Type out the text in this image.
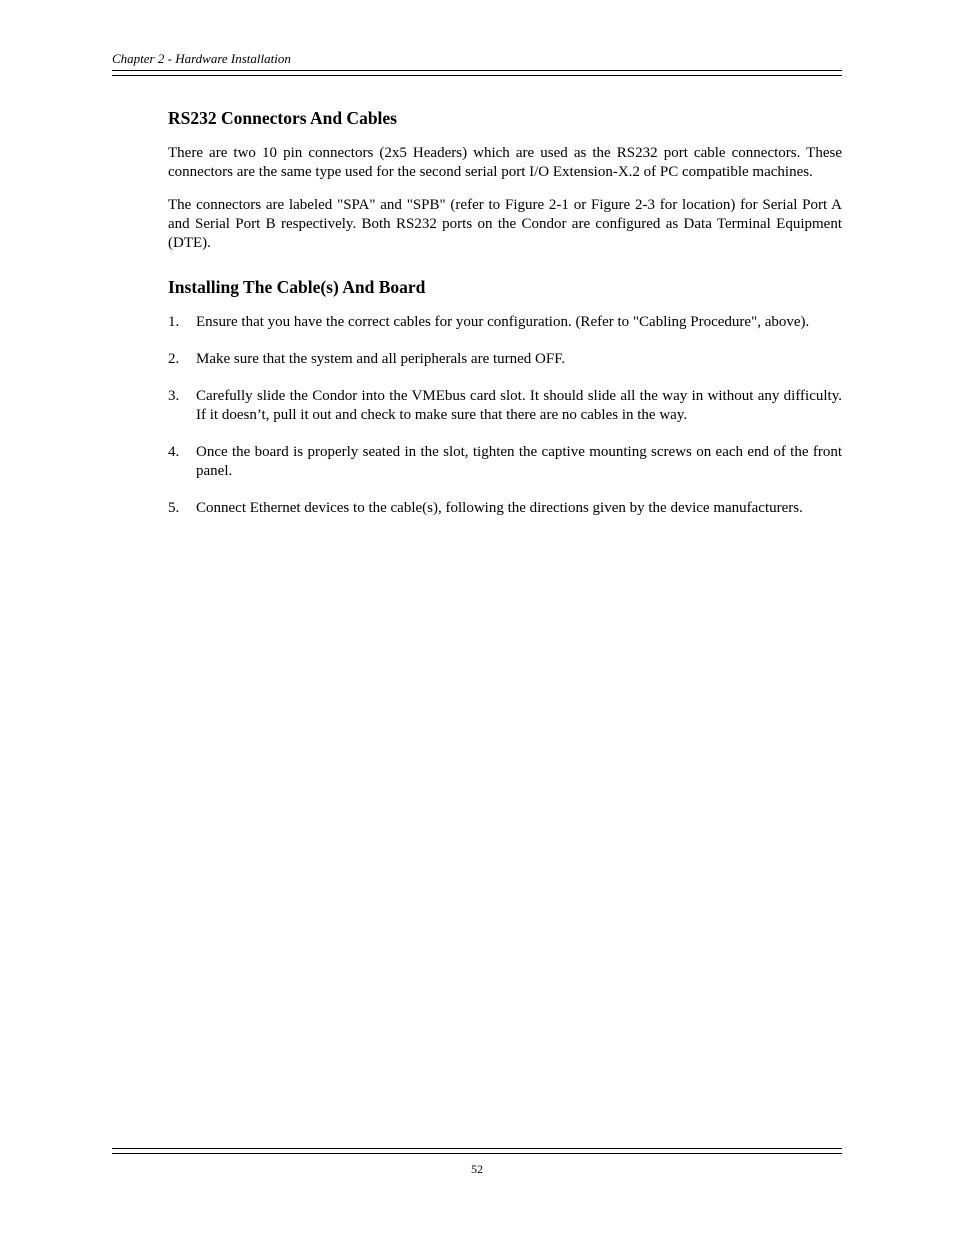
Chapter 2 - Hardware Installation
RS232 Connectors And Cables

There are two 10 pin connectors (2x5 Headers) which are used as the RS232 port cable connectors. These connectors are the same type used for the second serial port I/O Extension-X.2 of PC compatible machines.

The connectors are labeled "SPA" and "SPB" (refer to Figure 2-1 or Figure 2-3 for location) for Serial Port A and Serial Port B respectively. Both RS232 ports on the Condor are configured as Data Terminal Equipment (DTE).

Installing The Cable(s) And Board
1.	Ensure that you have the correct cables for your configuration. (Refer to "Cabling Procedure", above).
2.	Make sure that the system and all peripherals are turned OFF.
3.	Carefully slide the Condor into the VMEbus card slot. It should slide all the way in without any difficulty. If it doesn’t, pull it out and check to make sure that there are no cables in the way.
4.	Once the board is properly seated in the slot, tighten the captive mounting screws on each end of the front panel.
5.	Connect Ethernet devices to the cable(s), following the directions given by the device manufacturers.
52
